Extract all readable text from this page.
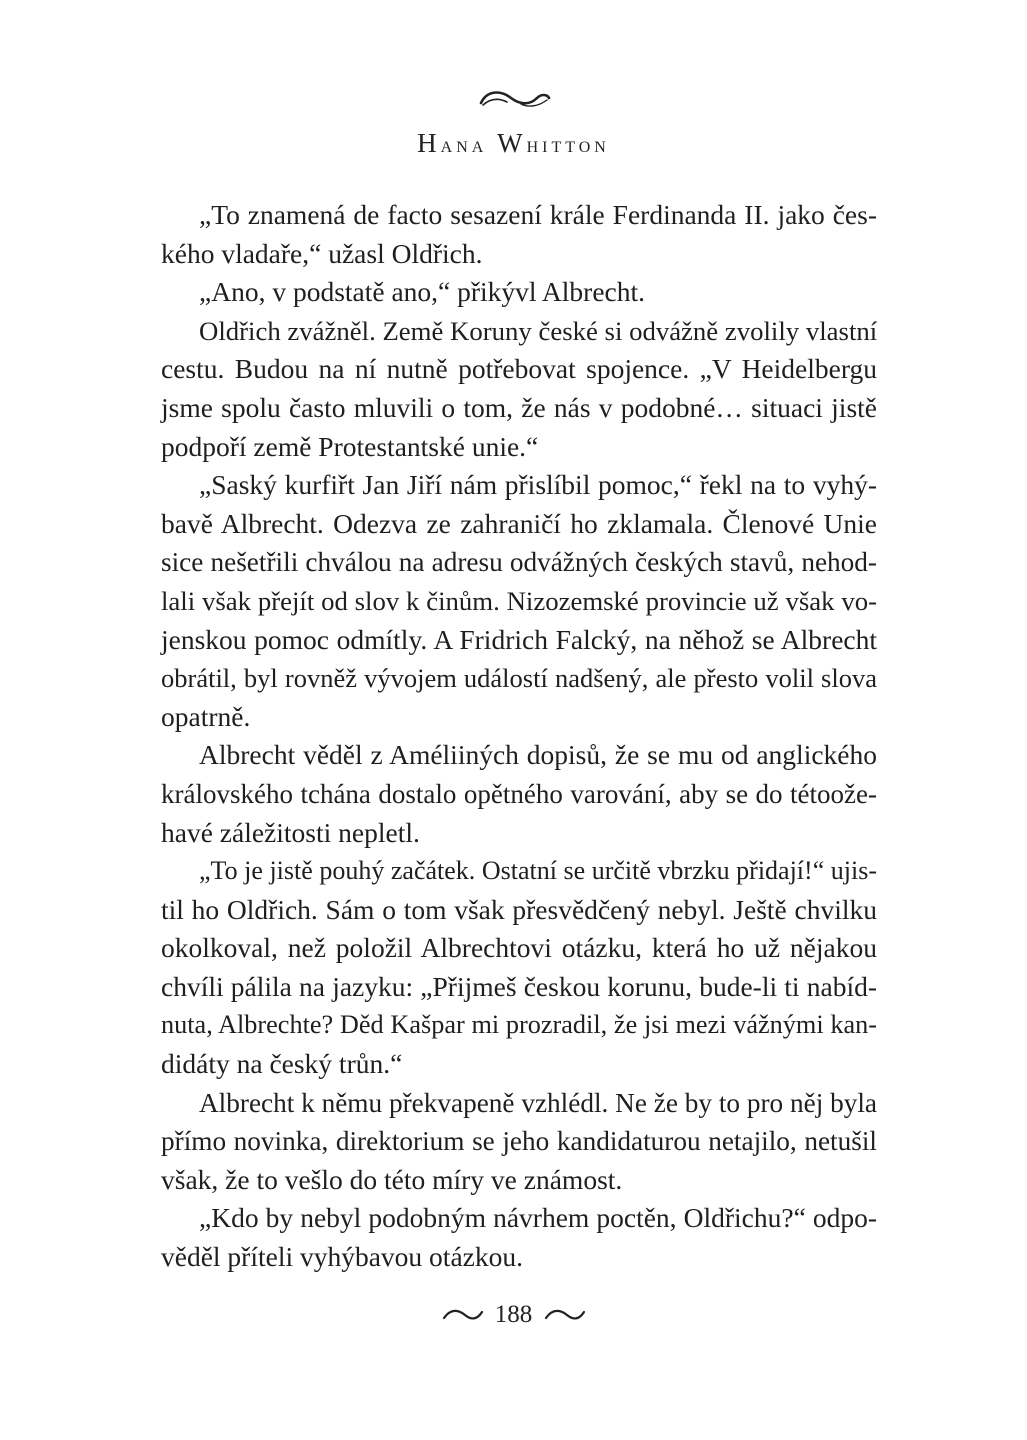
Hana Whitton
„To znamená de facto sesazení krále Ferdinanda II. jako čes-
kého vladaře,“ užasl Oldřich.
„Ano, v podstatě ano,“ přikývl Albrecht.
Oldřich zvážněl. Země Koruny české si odvážně zvolily vlastní
cestu. Budou na ní nutně potřebovat spojence. „V Heidelbergu
jsme spolu často mluvili o tom, že nás v podobné… situaci jistě
podpoří země Protestantské unie.“
„Saský kurfiřt Jan Jiří nám přislíbil pomoc,“ řekl na to vyhý-
bavě Albrecht. Odezva ze zahraničí ho zklamala. Členové Unie
sice nešetřili chválou na adresu odvážných českých stavů, nehod-
lali však přejít od slov k činům. Nizozemské provincie už však vo-
jenskou pomoc odmítly. A Fridrich Falcký, na něhož se Albrecht
obrátil, byl rovněž vývojem událostí nadšený, ale přesto volil slova
opatrně.
Albrecht věděl z Améliiných dopisů, že se mu od anglického
královského tchána dostalo opětného varování, aby se do tétoože-
havé záležitosti nepletl.
„To je jistě pouhý začátek. Ostatní se určitě vbrzku přidají!“ ujis-
til ho Oldřich. Sám o tom však přesvědčený nebyl. Ještě chvilku
okolkoval, než položil Albrechtovi otázku, která ho už nějakou
chvíli pálila na jazyku: „Přijmeš českou korunu, bude-li ti nabíd-
nuta, Albrechte? Děd Kašpar mi prozradil, že jsi mezi vážnými kan-
didáty na český trůn.“
Albrecht k němu překvapeně vzhlédl. Ne že by to pro něj byla
přímo novinka, direktorium se jeho kandidaturou netajilo, netušil
však, že to vešlo do této míry ve známost.
„Kdo by nebyl podobným návrhem poctěn, Oldřichu?“ odpo-
věděl příteli vyhýbavou otázkou.
188
